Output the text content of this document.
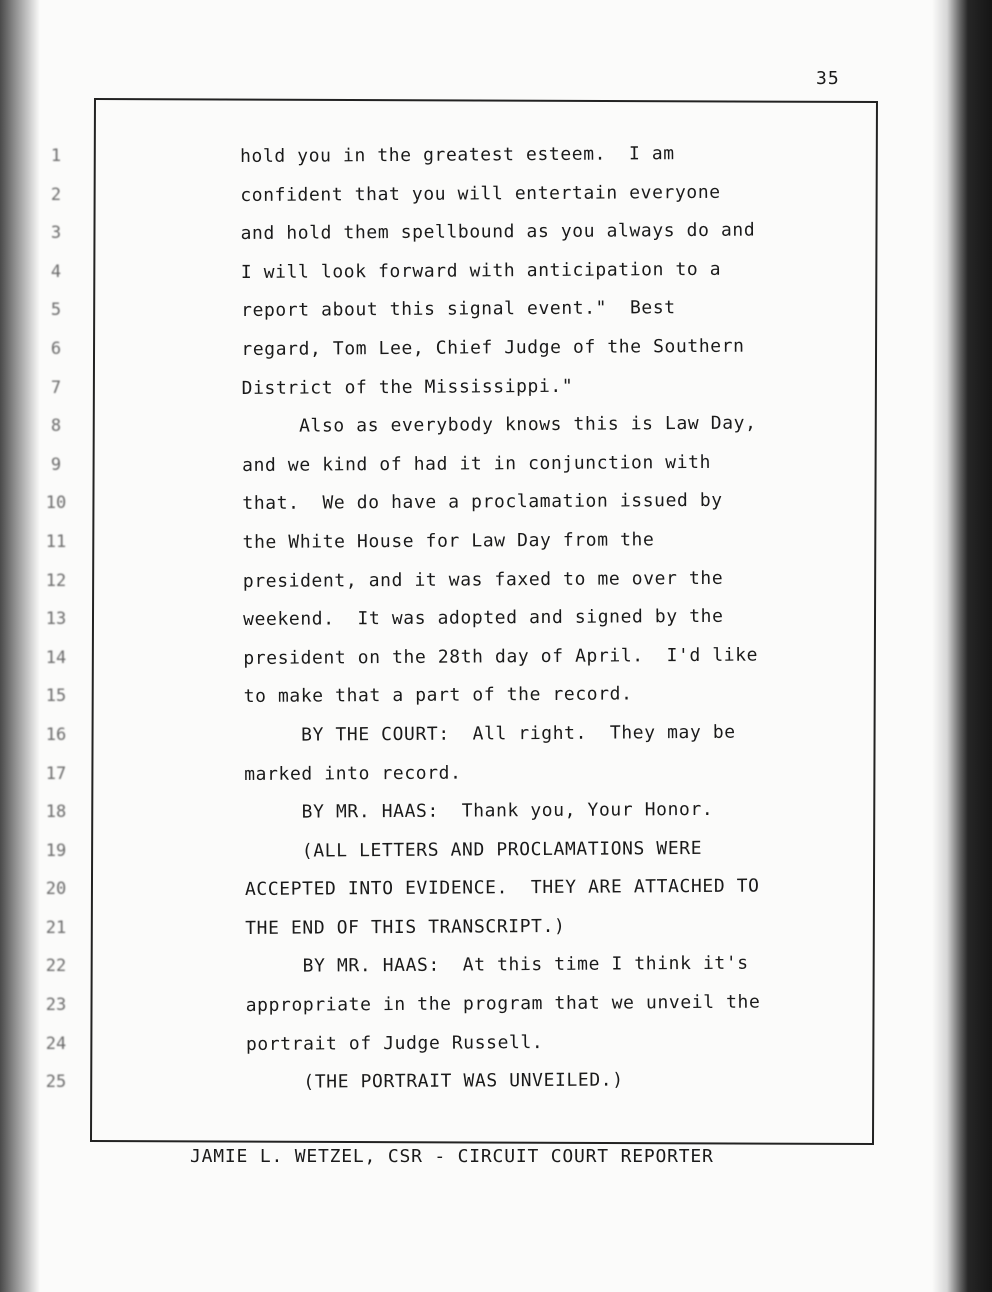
35
1
2
3
4
5
6
7
8
9
10
11
12
13
14
15
16
17
18
19
20
21
22
23
24
25
hold you in the greatest esteem.  I am
confident that you will entertain everyone
and hold them spellbound as you always do and
I will look forward with anticipation to a
report about this signal event."  Best
regard, Tom Lee, Chief Judge of the Southern
District of the Mississippi."
Also as everybody knows this is Law Day,
and we kind of had it in conjunction with
that.  We do have a proclamation issued by
the White House for Law Day from the
president, and it was faxed to me over the
weekend.  It was adopted and signed by the
president on the 28th day of April.  I'd like
to make that a part of the record.
BY THE COURT:  All right.  They may be
marked into record.
BY MR. HAAS:  Thank you, Your Honor.
(ALL LETTERS AND PROCLAMATIONS WERE
ACCEPTED INTO EVIDENCE.  THEY ARE ATTACHED TO
THE END OF THIS TRANSCRIPT.)
BY MR. HAAS:  At this time I think it's
appropriate in the program that we unveil the
portrait of Judge Russell.
(THE PORTRAIT WAS UNVEILED.)
JAMIE L. WETZEL, CSR - CIRCUIT COURT REPORTER
